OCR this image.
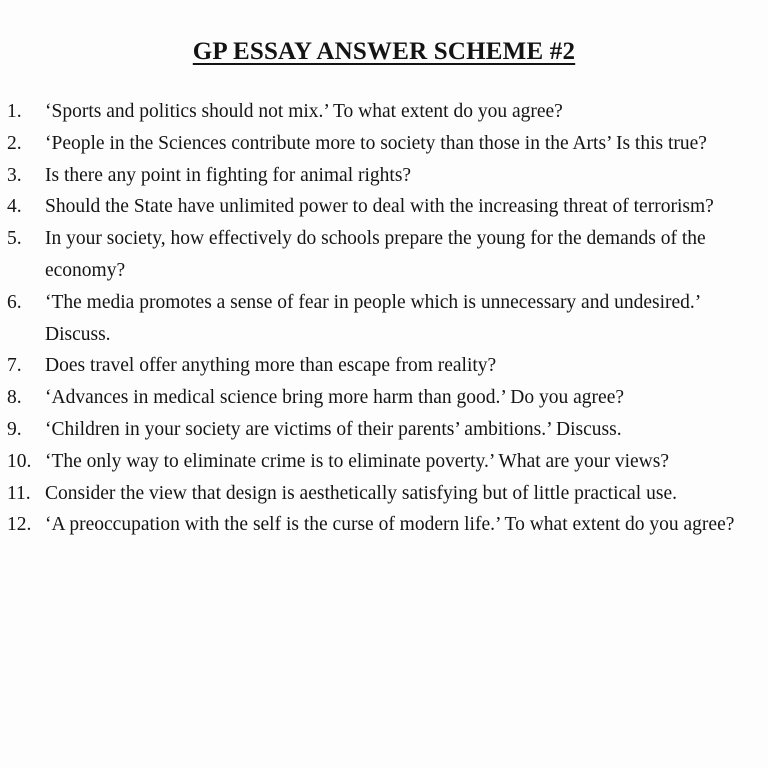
GP ESSAY ANSWER SCHEME #2
1. ‘Sports and politics should not mix.’ To what extent do you agree?
2. ‘People in the Sciences contribute more to society than those in the Arts’ Is this true?
3. Is there any point in fighting for animal rights?
4. Should the State have unlimited power to deal with the increasing threat of terrorism?
5. In your society, how effectively do schools prepare the young for the demands of the economy?
6. ‘The media promotes a sense of fear in people which is unnecessary and undesired.’ Discuss.
7. Does travel offer anything more than escape from reality?
8. ‘Advances in medical science bring more harm than good.’ Do you agree?
9. ‘Children in your society are victims of their parents’ ambitions.’ Discuss.
10. ‘The only way to eliminate crime is to eliminate poverty.’ What are your views?
11. Consider the view that design is aesthetically satisfying but of little practical use.
12. ‘A preoccupation with the self is the curse of modern life.’ To what extent do you agree?
